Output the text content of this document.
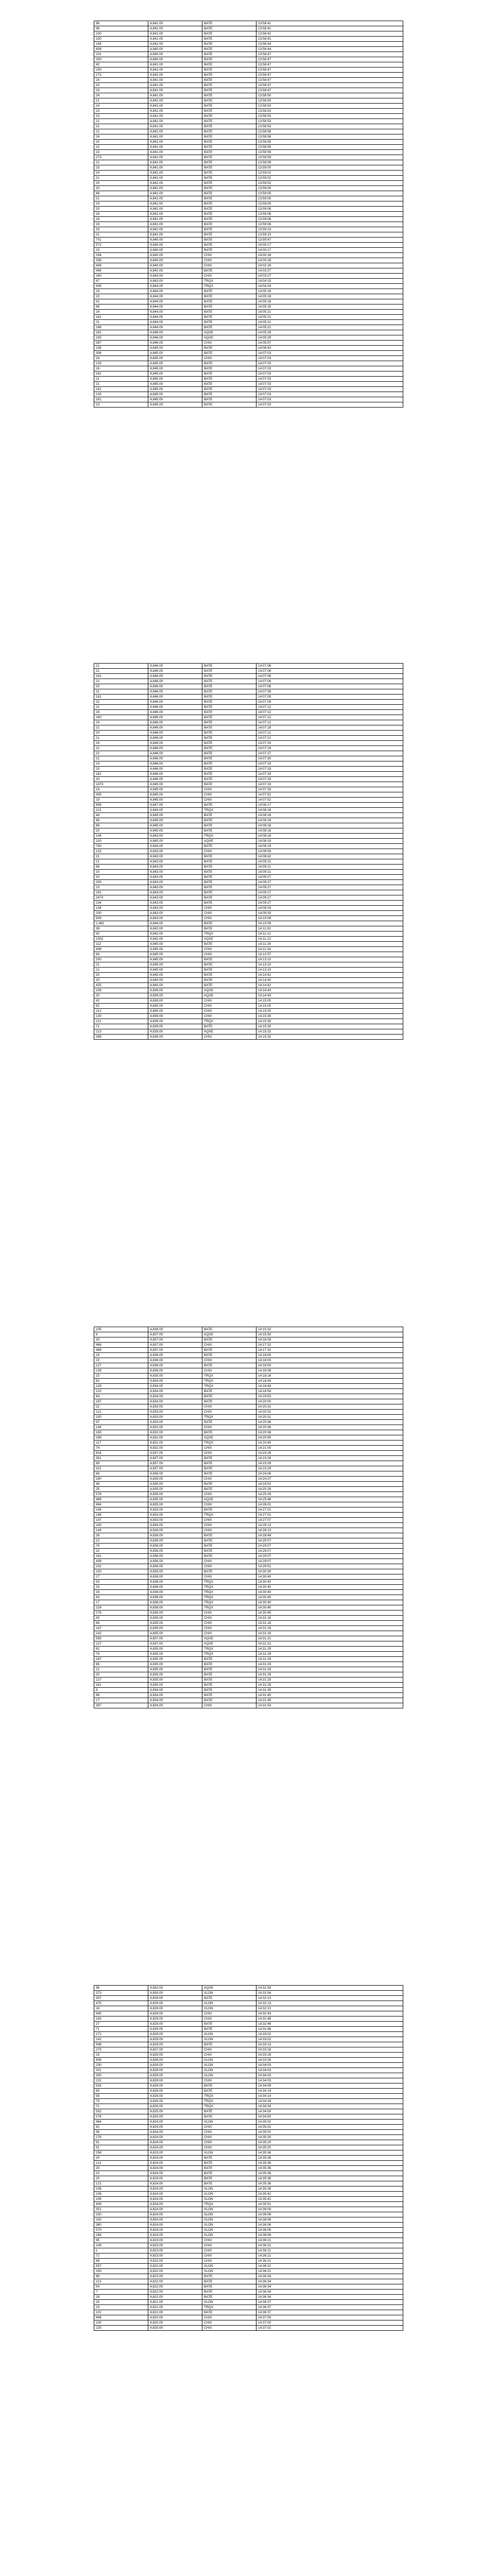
96	4,841.00	BATE	13:58:41
96	4,841.00	BATE	13:58:41
100	4,841.00	BATE	13:58:41
100	4,841.00	BATE	13:58:41
194	4,841.00	BATE	13:58:44
608	4,840.00	BATE	13:58:44
101	4,840.00	BATE	13:58:47
200	4,840.00	BATE	13:58:47
42	4,841.00	BATE	13:58:47
100	4,841.00	BATE	13:58:47
273	4,841.00	BATE	13:58:47
24	4,841.00	BATE	13:58:47
24	4,841.00	BATE	13:58:47
24	4,841.00	BATE	13:58:47
24	4,841.00	BATE	13:58:50
21	4,841.00	BATE	13:58:50
24	4,841.00	BATE	13:58:53
23	4,841.00	BATE	13:58:53
23	4,841.00	BATE	13:58:53
21	4,841.00	BATE	13:58:53
21	4,841.00	BATE	13:58:53
21	4,841.00	BATE	13:58:56
24	4,841.00	BATE	13:58:56
20	4,841.00	BATE	13:58:56
22	4,841.00	BATE	13:58:59
23	4,841.00	BATE	13:58:59
273	4,841.00	BATE	13:58:59
21	4,841.00	BATE	13:58:59
23	4,841.00	BATE	13:59:00
24	4,841.00	BATE	13:59:02
21	4,841.00	BATE	13:59:02
20	4,841.00	BATE	13:59:02
20	4,841.00	BATE	13:59:05
68	4,841.00	BATE	13:59:05
21	4,841.00	BATE	13:59:05
24	4,841.00	BATE	13:59:05
20	4,841.00	BATE	13:59:08
24	4,841.00	BATE	13:59:08
24	4,841.00	BATE	13:59:08
24	4,841.00	BATE	13:59:08
20	4,841.00	BATE	13:59:23
21	4,841.00	BATE	13:59:23
701	4,840.00	BATE	13:59:47
572	4,840.00	BATE	14:00:17
23	4,840.00	BATE	14:00:17
294	4,840.00	CHIX	14:00:18
336	4,840.00	CHIX	14:00:18
449	4,840.00	CHIX	14:02:16
464	4,841.00	BATE	14:03:27
160	4,843.00	CHIX	14:03:27
67	4,843.00	TRQX	14:04:15
435	4,844.00	TRQX	14:04:24
24	4,844.00	BATE	14:05:18
23	4,844.00	BATE	14:05:18
41	4,844.00	BATE	14:05:18
66	4,844.00	BATE	14:05:18
24	4,844.00	BATE	14:05:21
161	4,844.00	BATE	14:05:21
21	4,844.00	BATE	14:05:21
186	4,844.00	BATE	14:05:21
181	4,846.00	AQXE	14:05:29
192	4,846.00	AQXE	14:05:29
367	4,846.00	CHIX	14:05:57
236	4,845.00	BATE	14:06:43
306	4,845.00	BATE	14:07:03
24	4,845.00	CHIX	14:07:03
133	4,845.00	BATE	14:07:03
24	4,845.00	BATE	14:07:03
161	4,845.00	BATE	14:07:03
21	4,845.00	BATE	14:07:03
21	4,845.00	BATE	14:07:03
161	4,845.00	BATE	14:07:03
133	4,845.00	BATE	14:07:03
161	4,845.00	BATE	14:07:03
23	4,845.00	BATE	14:07:03
21	4,846.00	BATE	14:07:06
21	4,846.00	BATE	14:07:06
161	4,846.00	BATE	14:07:06
21	4,846.00	BATE	14:07:06
20	4,846.00	BATE	14:07:06
21	4,846.00	BATE	14:07:06
161	4,846.00	BATE	14:07:09
22	4,846.00	BATE	14:07:09
21	4,846.00	BATE	14:07:12
24	4,846.00	BATE	14:07:12
160	4,846.00	BATE	14:07:12
24	4,846.00	BATE	14:07:12
21	4,846.00	BATE	14:07:18
20	4,846.00	BATE	14:07:21
21	4,846.00	BATE	14:07:21
24	4,846.00	BATE	14:07:24
21	4,846.00	BATE	14:07:24
22	4,846.00	BATE	14:07:27
21	4,846.00	BATE	14:07:30
24	4,846.00	BATE	14:07:33
20	4,846.00	BATE	14:07:33
161	4,846.00	BATE	14:07:33
20	4,846.00	BATE	14:07:33
1473	4,845.00	BATE	14:07:33
14	4,845.00	CHIX	14:07:33
435	4,845.00	CHIX	14:07:52
19	4,845.00	CHIX	14:07:52
658	4,847.00	BATE	14:08:17
113	4,844.00	TRQX	14:08:18
44	4,845.00	BATE	14:08:18
66	4,845.00	BATE	14:08:18
66	4,845.00	BATE	14:08:18
20	4,845.00	BATE	14:08:18
144	4,843.00	TRQX	14:08:18
100	4,845.00	AQXE	14:08:19
740	4,844.00	BATE	14:08:19
132	4,843.00	CHIX	14:08:54
21	4,843.00	BATE	14:08:42
21	4,843.00	BATE	14:09:21
66	4,843.00	BATE	14:09:21
20	4,843.00	BATE	14:09:21
20	4,843.00	BATE	14:09:27
200	4,843.00	BATE	14:09:27
23	4,843.00	BATE	14:09:27
161	4,843.00	BATE	14:09:27
2473	4,843.00	BATE	14:09:27
234	4,843.00	BATE	14:09:27
134	4,843.00	CHIX	14:09:33
200	4,843.00	CHIX	14:09:33
505	4,843.00	CHIX	14:10:09
1,482	4,844.00	BATE	14:10:09
38	4,842.00	BATE	14:11:02
42	4,842.00	TRQX	14:11:12
1002	4,842.00	AQXE	14:11:12
112	4,845.00	BATE	14:11:24
449	4,845.00	CHIX	14:11:24
64	4,845.00	CHIX	14:12:57
200	4,845.00	BATE	14:13:10
21	4,845.00	BATE	14:13:10
21	4,845.00	BATE	14:13:10
20	4,845.00	BATE	14:14:42
20	4,840.00	BATE	14:14:42
425	4,840.00	BATE	14:14:42
108	4,839.00	AQXE	14:14:43
20	4,839.00	AQXE	14:14:43
42	4,839.00	CHIX	14:15:00
92	4,840.00	CHIX	14:15:00
212	4,840.00	CHIX	14:15:00
130	4,839.00	CHIX	14:15:30
121	4,839.00	TRQX	14:15:30
71	4,839.00	BATE	14:15:30
213	4,839.00	AQXE	14:15:32
268	4,839.00	CHIX	14:15:32
105	4,838.00	BATE	14:15:32
6	4,837.00	AQXE	14:15:50
30	4,837.00	BATE	14:16:09
468	4,837.00	CHIX	14:17:31
489	4,837.00	BATE	14:17:31
19	4,836.00	BATE	14:18:00
15	4,836.00	CHIX	14:18:00
127	4,836.00	BATE	14:18:00
128	4,836.00	CHIX	14:18:08
23	4,835.00	TRQX	14:18:16
82	4,834.00	TRQX	14:18:44
129	4,834.00	TRQX	14:18:44
122	4,834.00	BATE	14:18:54
64	4,834.00	BATE	14:19:53
187	4,834.00	BATE	14:20:00
22	4,833.00	CHIX	14:20:31
121	4,833.00	CHIX	14:20:31
100	4,833.00	TRQX	14:20:31
97	4,833.00	BATE	14:20:36
144	4,832.00	CHIX	14:20:36
160	4,832.00	BATE	14:20:36
196	4,832.00	AQXE	14:20:40
117	4,832.00	TRQX	14:20:40
74	4,832.00	CHIX	14:21:00
624	4,837.00	CHIX	14:23:29
351	4,837.00	BATE	14:23:29
69	4,837.00	BATE	14:23:29
321	4,837.00	BATE	14:23:29
66	4,836.00	BATE	14:24:06
160	4,835.00	CHIX	14:24:27
46	4,835.00	BATE	14:24:52
25	4,835.00	BATE	14:25:29
578	4,835.00	CHIX	14:25:29
489	4,835.00	AQXE	14:25:46
464	4,835.00	CHIX	14:26:01
146	4,833.00	BATE	14:27:01
146	4,833.00	TRQX	14:27:01
147	4,833.00	CHIX	14:27:07
140	4,834.00	CHIX	14:28:13
144	4,834.00	CHIX	14:28:13
26	4,836.00	BATE	14:28:49
22	4,836.00	BATE	14:29:07
76	4,836.00	BATE	14:29:07
22	4,836.00	BATE	14:29:07
161	4,836.00	BATE	14:29:07
438	4,836.00	CHIX	14:29:07
102	4,836.00	CHIX	14:29:51
100	4,839.00	BATE	14:30:30
17	4,838.00	CHIX	14:30:40
93	4,838.00	TRQX	14:30:40
33	4,838.00	TRQX	14:30:40
16	4,838.00	TRQX	14:30:40
93	4,838.00	TRQX	14:30:40
17	4,838.00	TRQX	14:30:40
226	4,838.00	TRQX	14:30:40
276	4,835.00	CHIX	14:30:45
30	4,835.00	CHIX	14:31:16
66	4,835.00	CHIX	14:31:16
147	4,835.00	CHIX	14:31:16
142	4,835.00	CHIX	14:31:16
555	4,837.00	AQXE	14:31:21
127	4,837.00	AQXE	14:31:21
62	4,835.00	TRQX	14:31:29
74	4,835.00	TRQX	14:31:29
167	4,835.00	BATE	14:31:29
66	4,835.00	BATE	14:31:29
21	4,835.00	BATE	14:31:29
20	4,835.00	BATE	14:31:29
127	4,835.00	BATE	14:31:29
161	4,835.00	BATE	14:31:29
8	4,834.00	BATE	14:31:29
66	4,834.00	BATE	14:31:45
17	4,834.00	BATE	14:31:45
397	4,834.00	CHIX	14:31:54
96	4,832.00	AQXE	14:31:59
373	4,830.00	XLON	14:32:04
307	4,829.00	BATE	14:32:13
475	4,829.00	XLON	14:32:13
24	4,829.00	XLON	14:32:21
445	4,829.00	CHIX	14:32:43
143	4,829.00	CHIX	14:32:48
27	4,829.00	BATE	14:32:48
71	4,829.00	BATE	14:32:48
171	4,829.00	XLON	14:33:02
142	4,829.00	XLON	14:33:02
548	4,829.00	BATE	14:33:13
275	4,827.00	CHIX	14:33:18
15	4,826.00	CHIX	14:33:18
608	4,826.00	XLON	14:33:28
230	4,829.00	XLON	14:34:03
201	4,829.00	XLON	14:34:03
200	4,829.00	XLON	14:34:03
231	4,829.00	CHIX	14:34:03
533	4,828.00	BATE	14:34:09
60	4,826.00	BATE	14:34:14
56	4,826.00	TRQX	14:34:14
75	4,826.00	TRQX	14:34:34
71	4,826.00	TRQX	14:34:34
502	4,825.00	BATE	14:34:50
274	4,825.00	BATE	14:34:50
484	4,824.00	XLON	14:35:02
92	4,824.00	CHIX	14:35:02
56	4,824.00	CHIX	14:35:02
276	4,824.00	CHIX	14:35:20
91	4,824.00	CHIX	14:35:20
91	4,824.00	CHIX	14:35:20
258	4,823.00	XLON	14:35:36
24	4,824.00	BATE	14:35:36
121	4,824.00	BATE	14:35:36
20	4,824.00	BATE	14:35:36
22	4,824.00	BATE	14:35:36
20	4,824.00	BATE	14:35:36
121	4,824.00	BATE	14:35:36
106	4,824.00	XLON	14:35:36
106	4,824.00	XLON	14:35:41
109	4,824.00	XLON	14:35:41
409	4,824.00	TRQX	14:35:51
351	4,824.00	XLON	14:36:00
100	4,824.00	XLON	14:36:06
100	4,824.00	XLON	14:36:06
360	4,824.00	XLON	14:36:06
570	4,824.00	XLON	14:36:06
166	4,824.00	XLON	14:36:06
95	4,823.00	CHIX	14:36:21
149	4,823.00	CHIX	14:36:21
1	4,823.00	CHIX	14:36:21
72	4,823.00	CHIX	14:36:21
89	4,822.00	CHIX	14:36:21
557	4,822.00	XLON	14:36:21
150	4,822.00	XLON	14:36:21
88	4,822.00	BATE	14:36:34
121	4,822.00	BATE	14:36:34
54	4,822.00	BATE	14:36:34
7	4,822.00	BATE	14:36:34
28	4,822.00	BATE	14:36:34
20	4,821.00	XLON	14:36:37
23	4,821.00	TRQX	14:36:37
101	4,821.00	BATE	14:36:37
446	4,820.00	CHIX	14:37:00
130	4,820.00	CHIX	14:37:00
225	4,820.00	CHIX	14:37:02
